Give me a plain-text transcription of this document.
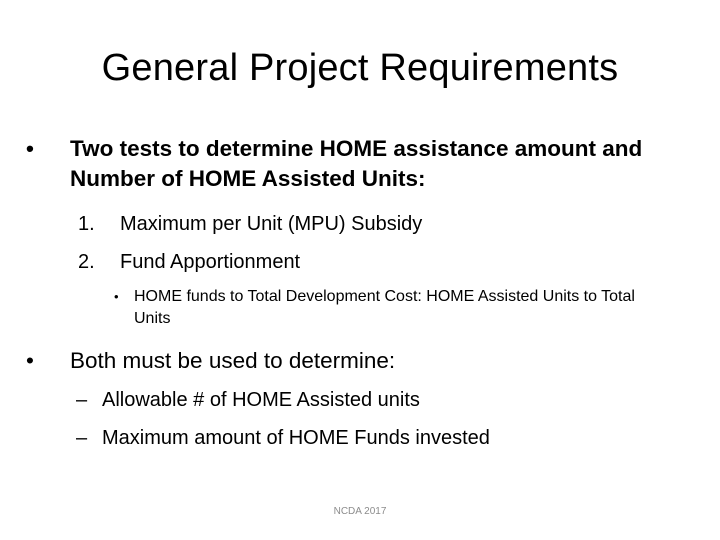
General Project Requirements
•	Two tests to determine HOME assistance amount and Number of HOME Assisted Units:
1.	Maximum per Unit (MPU) Subsidy
2.	Fund Apportionment
• HOME funds to Total Development Cost: HOME Assisted Units to Total Units
•	Both must be used to determine:
– Allowable # of HOME Assisted units
– Maximum amount of HOME Funds invested
NCDA 2017
